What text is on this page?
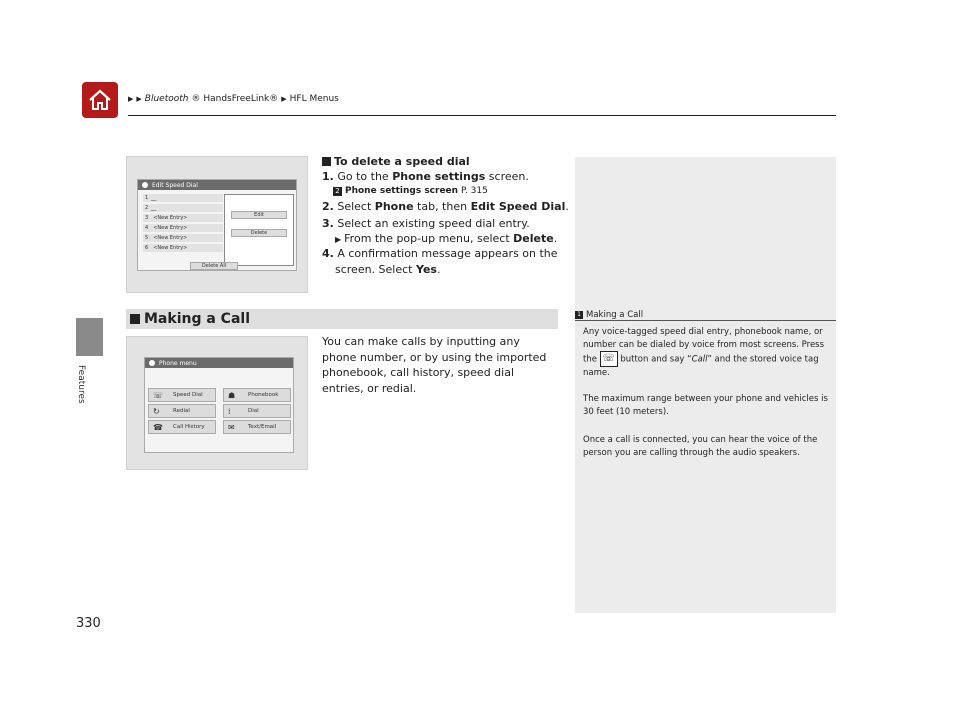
▶ ▶ Bluetooth ® HandsFreeLink® ▶ HFL Menus
Features
Edit Speed Dial
1 ̲ ̲ ̲
2 ̲ ̲ ̲
3 <New Entry>
4 <New Entry>
5 <New Entry>
6 <New Entry>
Edit
Delete
Delete All
To delete a speed dial
1. Go to the Phone settings screen.
2 Phone settings screen P. 315
2. Select Phone tab, then Edit Speed Dial.
3. Select an existing speed dial entry.
▶ From the pop-up menu, select Delete.
4. A confirmation message appears on the
screen. Select Yes.
Making a Call
Phone menu
☏ Speed Dial	☗	Phonebook
↻	Redial	⁞	Dial
☎ Call History	✉	Text/Email
You can make calls by inputting any phone number, or by using the imported phonebook, call history, speed dial entries, or redial.
1 Making a Call
Any voice-tagged speed dial entry, phonebook name, or number can be dialed by voice from most screens. Press the ☏ button and say “Call” and the stored voice tag name.
The maximum range between your phone and vehicles is 30 feet (10 meters).
Once a call is connected, you can hear the voice of the person you are calling through the audio speakers.
330
